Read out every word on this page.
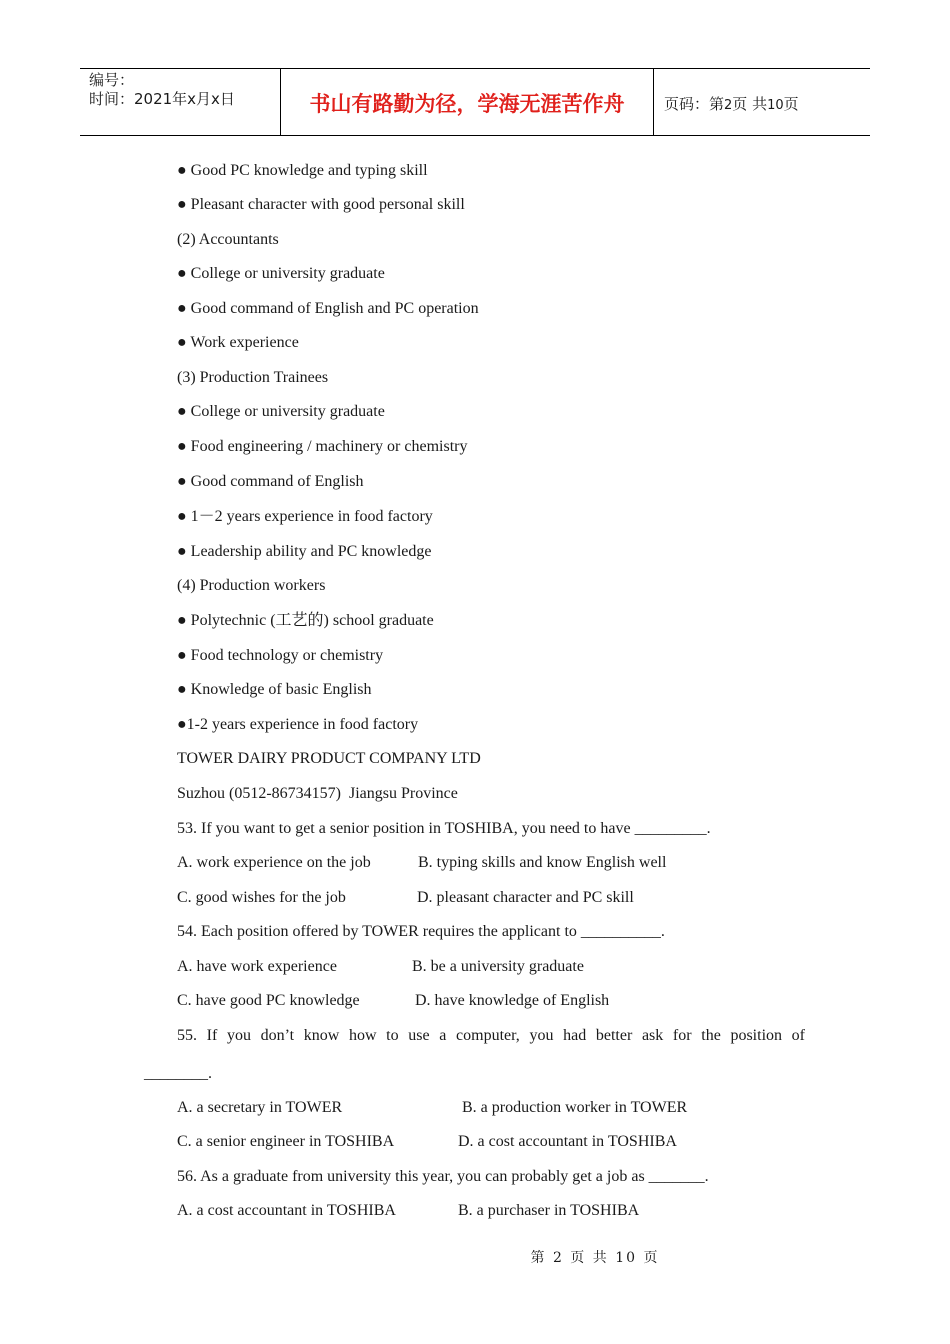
编号：
时间：2021年x月x日	书山有路勤为径，学海无涯苦作舟	页码：第2页 共10页
● Good PC knowledge and typing skill
● Pleasant character with good personal skill
(2) Accountants
● College or university graduate
● Good command of English and PC operation
● Work experience
(3) Production Trainees
● College or university graduate
● Food engineering / machinery or chemistry
● Good command of English
● 1－2 years experience in food factory
● Leadership ability and PC knowledge
(4) Production workers
● Polytechnic (工艺的) school graduate
● Food technology or chemistry
● Knowledge of basic English
●1-2 years experience in food factory
TOWER DAIRY PRODUCT COMPANY LTD
Suzhou (0512-86734157)  Jiangsu Province
53. If you want to get a senior position in TOSHIBA, you need to have _________.
A. work experience on the job	B. typing skills and know English well
C. good wishes for the job	D. pleasant character and PC skill
54. Each position offered by TOWER requires the applicant to __________.
A. have work experience	B. be a university graduate
C. have good PC knowledge	D. have knowledge of English
55. If you don’t know how to use a computer, you had better ask for the position of
________.
A. a secretary in TOWER	B. a production worker in TOWER
C. a senior engineer in TOSHIBA	D. a cost accountant in TOSHIBA
56. As a graduate from university this year, you can probably get a job as _______.
A. a cost accountant in TOSHIBA	B. a purchaser in TOSHIBA
第 2 页 共 10 页
